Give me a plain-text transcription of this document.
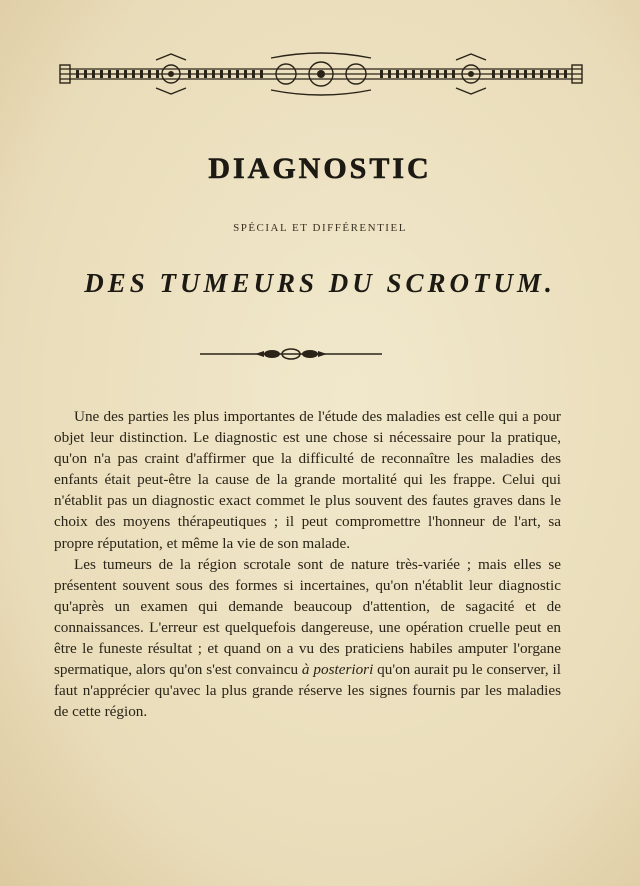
DIAGNOSTIC
SPÉCIAL ET DIFFÉRENTIEL
DES TUMEURS DU SCROTUM.

Une des parties les plus importantes de l'étude des maladies est celle qui a pour objet leur distinction. Le diagnostic est une chose si nécessaire pour la pratique, qu'on n'a pas craint d'affirmer que la difficulté de reconnaître les maladies des enfants était peut-être la cause de la grande mortalité qui les frappe. Celui qui n'établit pas un diagnostic exact commet le plus souvent des fautes graves dans le choix des moyens thérapeutiques ; il peut compromettre l'honneur de l'art, sa propre réputation, et même la vie de son malade.

Les tumeurs de la région scrotale sont de nature très-variée ; mais elles se présentent souvent sous des formes si incertaines, qu'on n'établit leur diagnostic qu'après un examen qui demande beaucoup d'attention, de sagacité et de connaissances. L'erreur est quelquefois dangereuse, une opération cruelle peut en être le funeste résultat ; et quand on a vu des praticiens habiles amputer l'organe spermatique, alors qu'on s'est convaincu à posteriori qu'on aurait pu le conserver, il faut n'apprécier qu'avec la plus grande réserve les signes fournis par les maladies de cette région.
